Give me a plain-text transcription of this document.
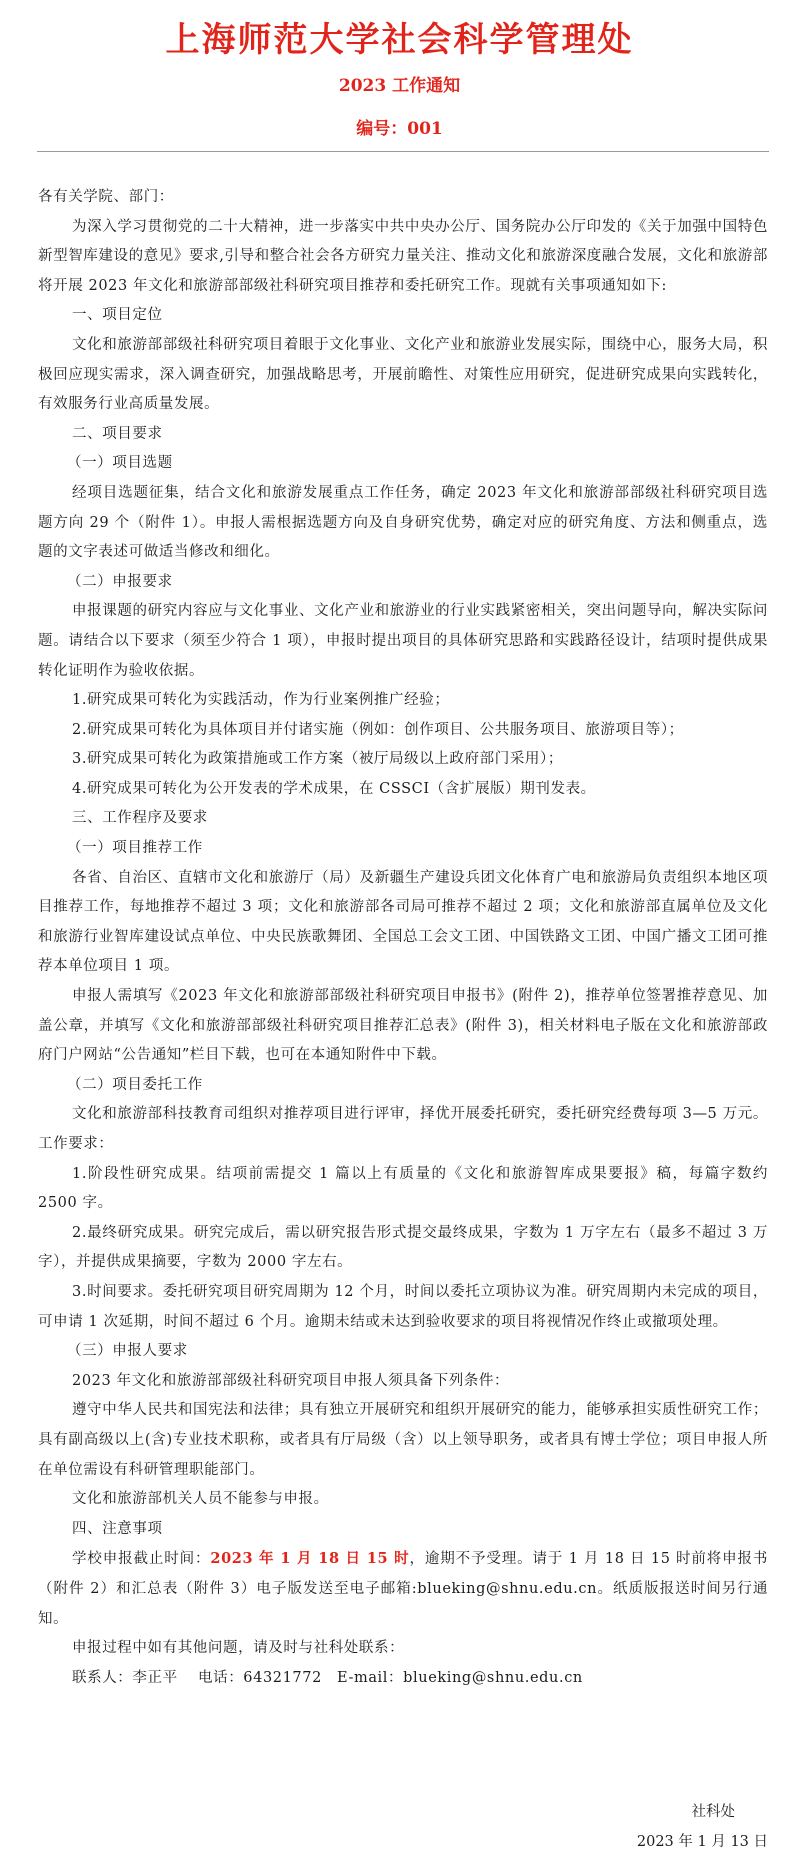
上海师范大学社会科学管理处
2023 工作通知
编号：001

各有关学院、部门：

为深入学习贯彻党的二十大精神，进一步落实中共中央办公厅、国务院办公厅印发的《关于加强中国特色新型智库建设的意见》要求,引导和整合社会各方研究力量关注、推动文化和旅游深度融合发展，文化和旅游部将开展 2023 年文化和旅游部部级社科研究项目推荐和委托研究工作。现就有关事项通知如下:

一、项目定位

文化和旅游部部级社科研究项目着眼于文化事业、文化产业和旅游业发展实际，围绕中心，服务大局，积极回应现实需求，深入调查研究，加强战略思考，开展前瞻性、对策性应用研究，促进研究成果向实践转化，有效服务行业高质量发展。

二、项目要求

（一）项目选题

经项目选题征集，结合文化和旅游发展重点工作任务，确定 2023 年文化和旅游部部级社科研究项目选题方向 29 个（附件 1）。申报人需根据选题方向及自身研究优势，确定对应的研究角度、方法和侧重点，选题的文字表述可做适当修改和细化。

（二）申报要求

申报课题的研究内容应与文化事业、文化产业和旅游业的行业实践紧密相关，突出问题导向，解决实际问题。请结合以下要求（须至少符合 1 项），申报时提出项目的具体研究思路和实践路径设计，结项时提供成果转化证明作为验收依据。

1.研究成果可转化为实践活动，作为行业案例推广经验；

2.研究成果可转化为具体项目并付诸实施（例如：创作项目、公共服务项目、旅游项目等）；

3.研究成果可转化为政策措施或工作方案（被厅局级以上政府部门采用）；

4.研究成果可转化为公开发表的学术成果，在 CSSCI（含扩展版）期刊发表。

三、工作程序及要求

（一）项目推荐工作

各省、自治区、直辖市文化和旅游厅（局）及新疆生产建设兵团文化体育广电和旅游局负责组织本地区项目推荐工作，每地推荐不超过 3 项；文化和旅游部各司局可推荐不超过 2 项；文化和旅游部直属单位及文化和旅游行业智库建设试点单位、中央民族歌舞团、全国总工会文工团、中国铁路文工团、中国广播文工团可推荐本单位项目 1 项。

申报人需填写《2023 年文化和旅游部部级社科研究项目申报书》(附件 2)，推荐单位签署推荐意见、加盖公章，并填写《文化和旅游部部级社科研究项目推荐汇总表》(附件 3)，相关材料电子版在文化和旅游部政府门户网站“公告通知”栏目下载，也可在本通知附件中下载。

（二）项目委托工作

文化和旅游部科技教育司组织对推荐项目进行评审，择优开展委托研究，委托研究经费每项 3—5 万元。工作要求：

1.阶段性研究成果。结项前需提交 1 篇以上有质量的《文化和旅游智库成果要报》稿，每篇字数约 2500 字。

2.最终研究成果。研究完成后，需以研究报告形式提交最终成果，字数为 1 万字左右（最多不超过 3 万字），并提供成果摘要，字数为 2000 字左右。

3.时间要求。委托研究项目研究周期为 12 个月，时间以委托立项协议为准。研究周期内未完成的项目，可申请 1 次延期，时间不超过 6 个月。逾期未结或未达到验收要求的项目将视情况作终止或撤项处理。

（三）申报人要求

2023 年文化和旅游部部级社科研究项目申报人须具备下列条件：

遵守中华人民共和国宪法和法律；具有独立开展研究和组织开展研究的能力，能够承担实质性研究工作；具有副高级以上(含)专业技术职称，或者具有厅局级（含）以上领导职务，或者具有博士学位；项目申报人所在单位需设有科研管理职能部门。

文化和旅游部机关人员不能参与申报。

四、注意事项

学校申报截止时间：2023 年 1 月 18 日 15 时，逾期不予受理。请于 1 月 18 日 15 时前将申报书（附件 2）和汇总表（附件 3）电子版发送至电子邮箱:blueking@shnu.edu.cn。纸质版报送时间另行通知。

申报过程中如有其他问题，请及时与社科处联系：

联系人：李正平　 电话：64321772　E-mail：blueking@shnu.edu.cn

社科处
2023 年 1 月 13 日
